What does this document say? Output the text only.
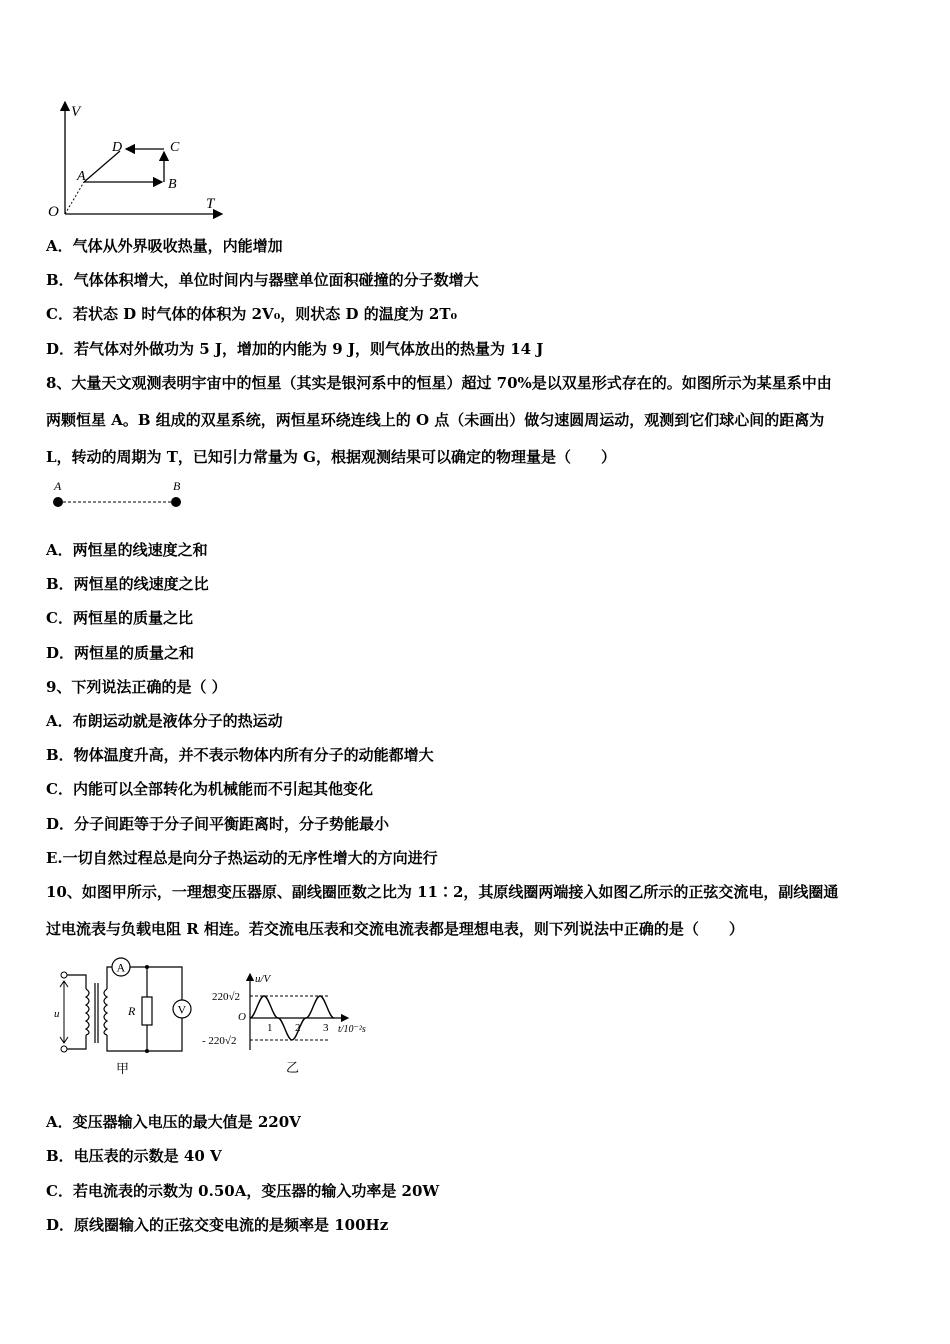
V
T
O
A
B
C
D
A．气体从外界吸收热量，内能增加
B．气体体积增大，单位时间内与器壁单位面积碰撞的分子数增大
C．若状态 D 时气体的体积为 2V₀，则状态 D 的温度为 2T₀
D．若气体对外做功为 5 J，增加的内能为 9 J，则气体放出的热量为 14 J
8、大量天文观测表明宇宙中的恒星（其实是银河系中的恒星）超过 70%是以双星形式存在的。如图所示为某星系中由
两颗恒星 A。B 组成的双星系统，两恒星环绕连线上的 O 点（未画出）做匀速圆周运动，观测到它们球心间的距离为
L，转动的周期为 T，已知引力常量为 G，根据观测结果可以确定的物理量是（　　）
A	B
A．两恒星的线速度之和
B．两恒星的线速度之比
C．两恒星的质量之比
D．两恒星的质量之和
9、下列说法正确的是（ ）
A．布朗运动就是液体分子的热运动
B．物体温度升高，并不表示物体内所有分子的动能都增大
C．内能可以全部转化为机械能而不引起其他变化
D．分子间距等于分子间平衡距离时，分子势能最小
E.一切自然过程总是向分子热运动的无序性增大的方向进行
10、如图甲所示，一理想变压器原、副线圈匝数之比为 11∶2，其原线圈两端接入如图乙所示的正弦交流电，副线圈通
过电流表与负载电阻 R 相连。若交流电压表和交流电流表都是理想电表，则下列说法中正确的是（　　）
u
A
R	V
甲
u/V
220√2
- 220√2
O
1 2 3 t/10⁻²s
乙
A．变压器输入电压的最大值是 220V
B．电压表的示数是 40 V
C．若电流表的示数为 0.50A，变压器的输入功率是 20W
D．原线圈输入的正弦交变电流的是频率是 100Hz
